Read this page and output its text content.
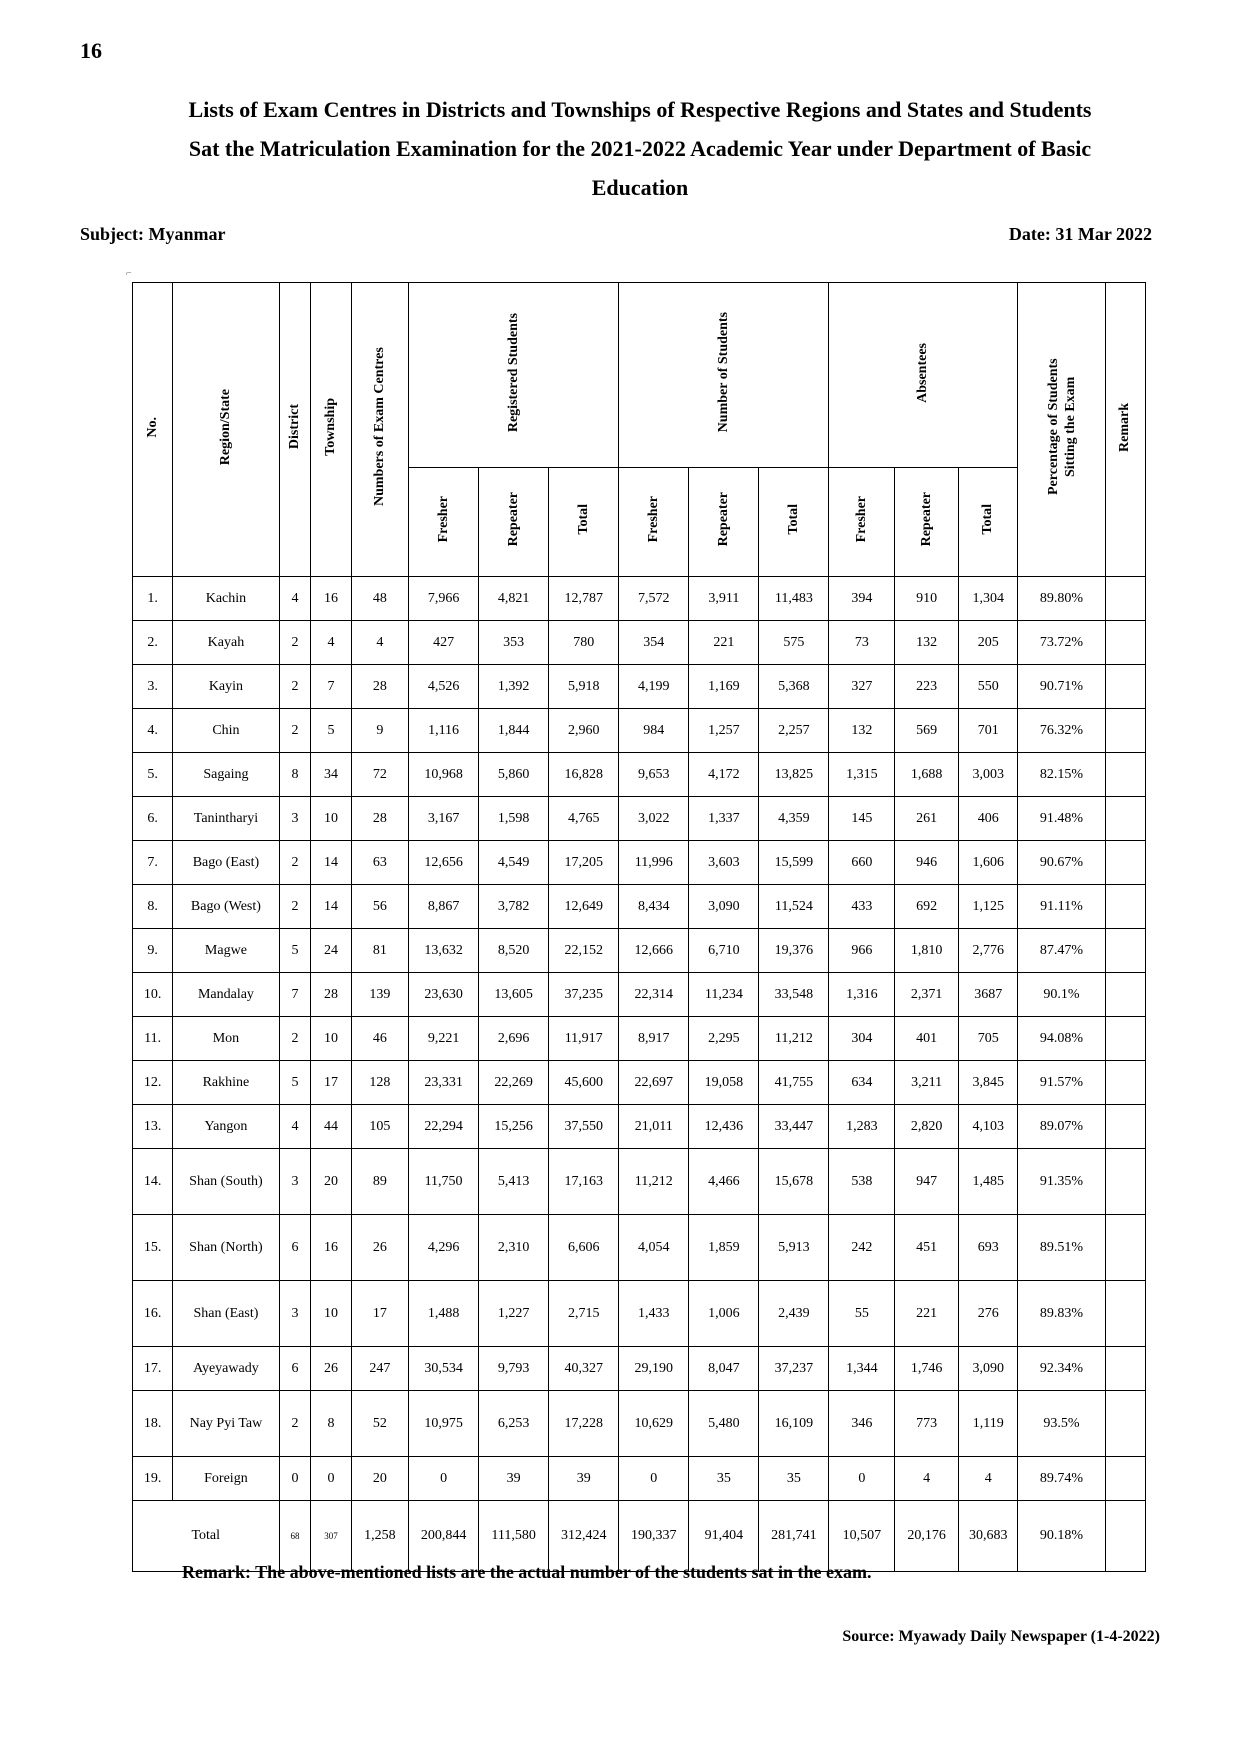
16
Lists of Exam Centres in Districts and Townships of Respective Regions and States and Students
Sat the Matriculation Examination for the 2021-2022 Academic Year under Department of Basic
Education
Subject: Myanmar	Date: 31 Mar 2022
⌐
No.	Region/State	District	Township	Numbers of Exam Centres	Registered Students			Number of Students			Absentees			Percentage of Students Sitting the Exam	Remark
					Fresher	Repeater	Total	Fresher	Repeater	Total	Fresher	Repeater	Total		
1.	Kachin	4	16	48	7,966	4,821	12,787	7,572	3,911	11,483	394	910	1,304	89.80%	
2.	Kayah	2	4	4	427	353	780	354	221	575	73	132	205	73.72%	
3.	Kayin	2	7	28	4,526	1,392	5,918	4,199	1,169	5,368	327	223	550	90.71%	
4.	Chin	2	5	9	1,116	1,844	2,960	984	1,257	2,257	132	569	701	76.32%	
5.	Sagaing	8	34	72	10,968	5,860	16,828	9,653	4,172	13,825	1,315	1,688	3,003	82.15%	
6.	Tanintharyi	3	10	28	3,167	1,598	4,765	3,022	1,337	4,359	145	261	406	91.48%	
7.	Bago (East)	2	14	63	12,656	4,549	17,205	11,996	3,603	15,599	660	946	1,606	90.67%	
8.	Bago (West)	2	14	56	8,867	3,782	12,649	8,434	3,090	11,524	433	692	1,125	91.11%	
9.	Magwe	5	24	81	13,632	8,520	22,152	12,666	6,710	19,376	966	1,810	2,776	87.47%	
10.	Mandalay	7	28	139	23,630	13,605	37,235	22,314	11,234	33,548	1,316	2,371	3687	90.1%	
11.	Mon	2	10	46	9,221	2,696	11,917	8,917	2,295	11,212	304	401	705	94.08%	
12.	Rakhine	5	17	128	23,331	22,269	45,600	22,697	19,058	41,755	634	3,211	3,845	91.57%	
13.	Yangon	4	44	105	22,294	15,256	37,550	21,011	12,436	33,447	1,283	2,820	4,103	89.07%	
14.	Shan (South)	3	20	89	11,750	5,413	17,163	11,212	4,466	15,678	538	947	1,485	91.35%	
15.	Shan (North)	6	16	26	4,296	2,310	6,606	4,054	1,859	5,913	242	451	693	89.51%	
16.	Shan (East)	3	10	17	1,488	1,227	2,715	1,433	1,006	2,439	55	221	276	89.83%	
17.	Ayeyawady	6	26	247	30,534	9,793	40,327	29,190	8,047	37,237	1,344	1,746	3,090	92.34%	
18.	Nay Pyi Taw	2	8	52	10,975	6,253	17,228	10,629	5,480	16,109	346	773	1,119	93.5%	
19.	Foreign	0	0	20	0	39	39	0	35	35	0	4	4	89.74%	
Total		68	307	1,258	200,844	111,580	312,424	190,337	91,404	281,741	10,507	20,176	30,683	90.18%	
Remark: The above-mentioned lists are the actual number of the students sat in the exam.
Source: Myawady Daily Newspaper (1-4-2022)
